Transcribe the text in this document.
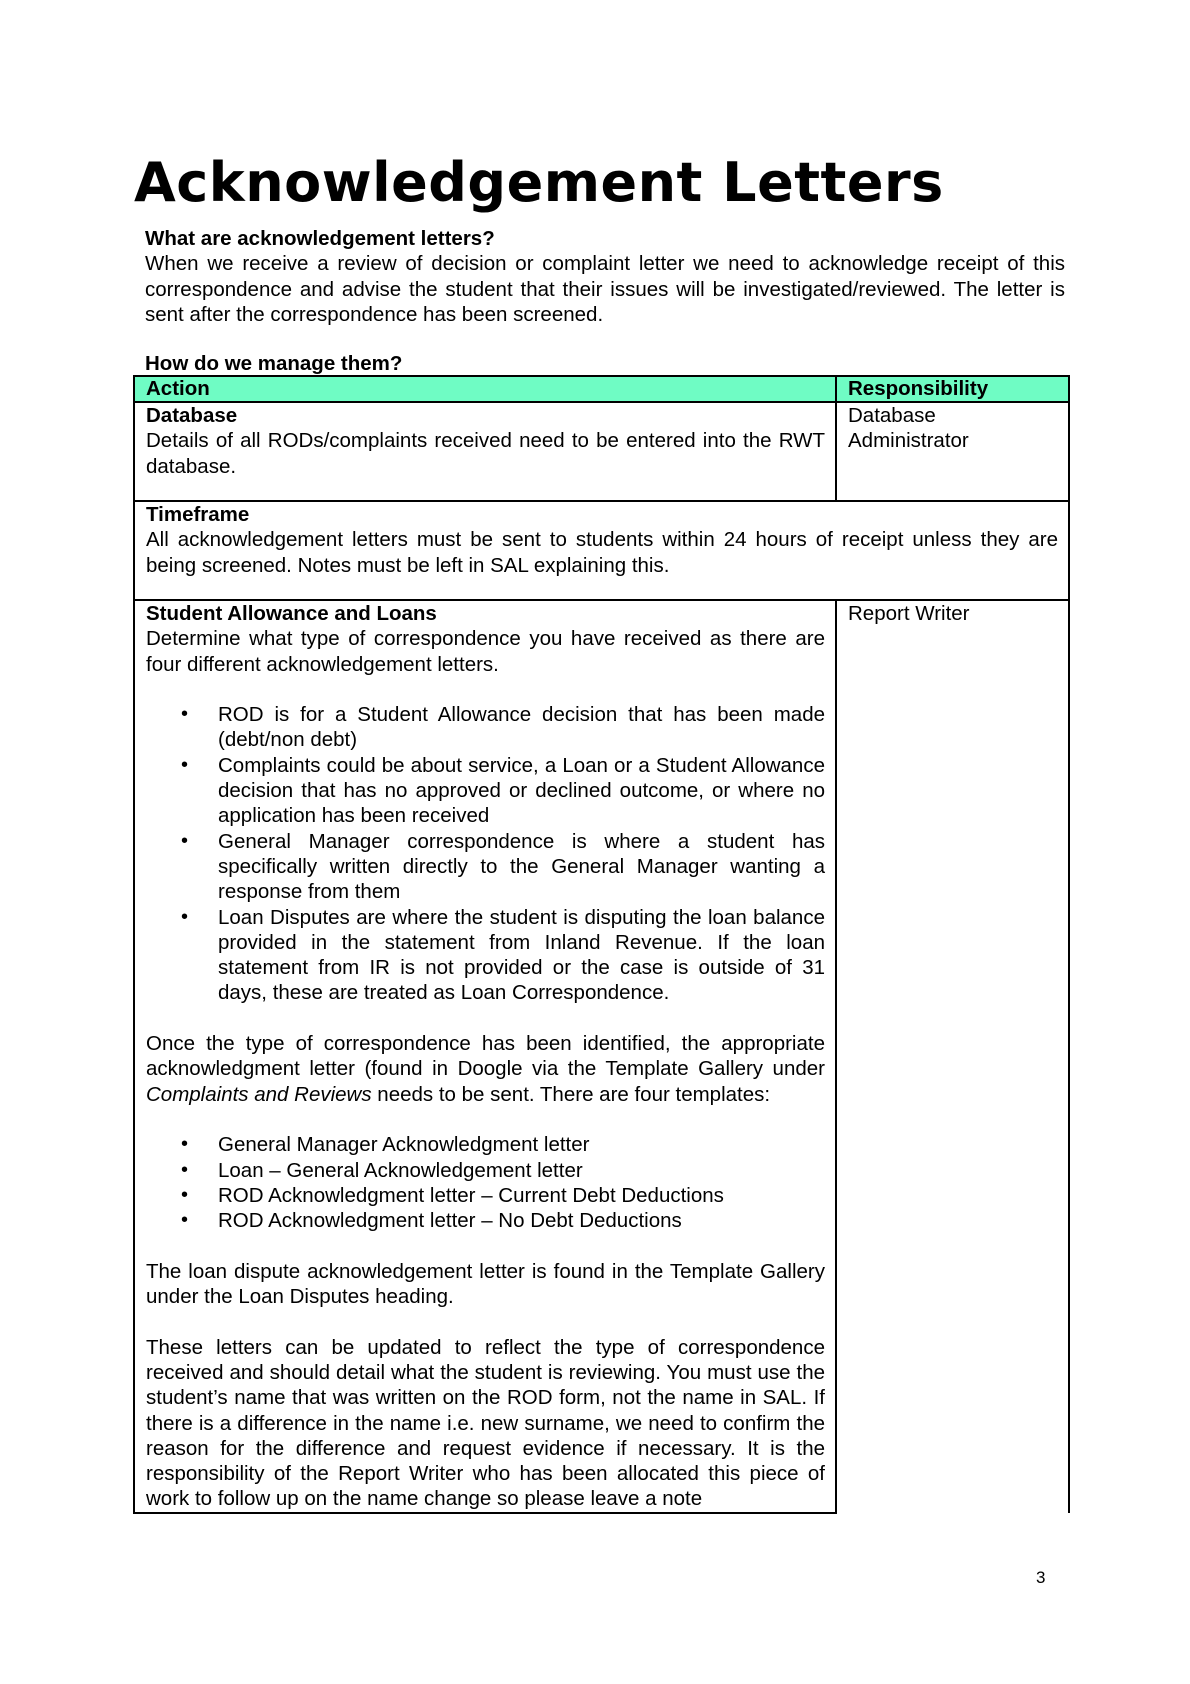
Acknowledgement Letters

What are acknowledgement letters?

When we receive a review of decision or complaint letter we need to acknowledge receipt of this correspondence and advise the student that their issues will be investigated/reviewed. The letter is sent after the correspondence has been screened.

How do we manage them?
Action	Responsibility

Database
Details of all RODs/complaints received need to be entered into the RWT database.	Database Administrator

Timeframe
All acknowledgement letters must be sent to students within 24 hours of receipt unless they are being screened. Notes must be left in SAL explaining this.	

Student Allowance and Loans
Determine what type of correspondence you have received as there are four different acknowledgement letters.
• ROD is for a Student Allowance decision that has been made (debt/non debt)
• Complaints could be about service, a Loan or a Student Allowance decision that has no approved or declined outcome, or where no application has been received
• General Manager correspondence is where a student has specifically written directly to the General Manager wanting a response from them
• Loan Disputes are where the student is disputing the loan balance provided in the statement from Inland Revenue. If the loan statement from IR is not provided or the case is outside of 31 days, these are treated as Loan Correspondence.

Once the type of correspondence has been identified, the appropriate acknowledgment letter (found in Doogle via the Template Gallery under Complaints and Reviews needs to be sent. There are four templates:

• General Manager Acknowledgment letter
• Loan – General Acknowledgement letter
• ROD Acknowledgment letter – Current Debt Deductions
• ROD Acknowledgment letter – No Debt Deductions

The loan dispute acknowledgement letter is found in the Template Gallery under the Loan Disputes heading.

These letters can be updated to reflect the type of correspondence received and should detail what the student is reviewing. You must use the student’s name that was written on the ROD form, not the name in SAL. If there is a difference in the name i.e. new surname, we need to confirm the reason for the difference and request evidence if necessary. It is the responsibility of the Report Writer who has been allocated this piece of work to follow up on the name change so please leave a note

	Report Writer
3
